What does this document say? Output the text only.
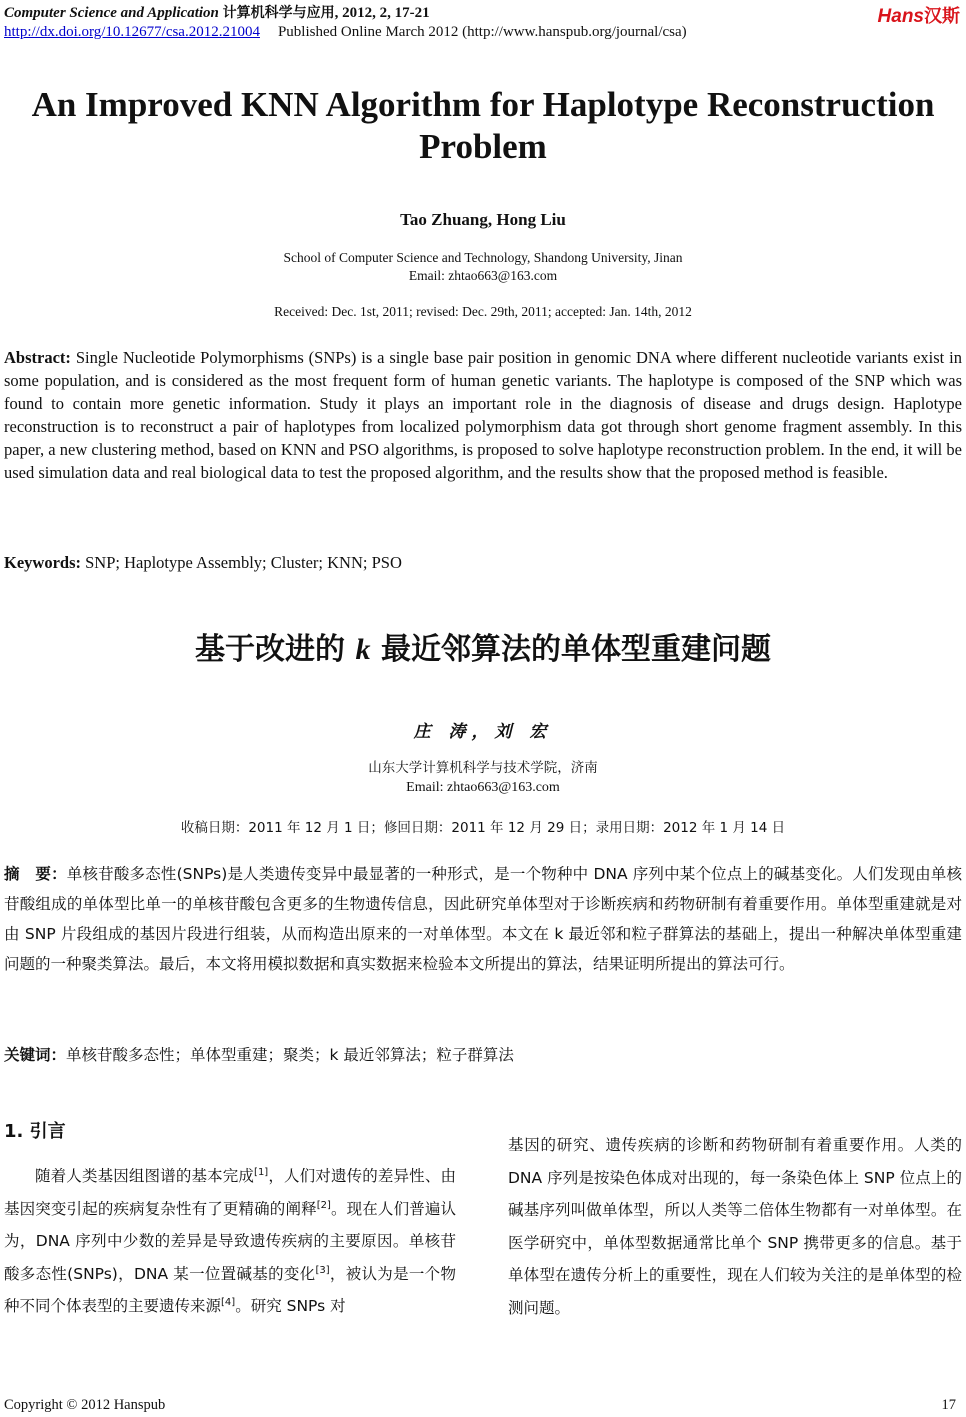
Computer Science and Application 计算机科学与应用, 2012, 2, 17-21
http://dx.doi.org/10.12677/csa.2012.21004 Published Online March 2012 (http://www.hanspub.org/journal/csa)
Hans汉斯
An Improved KNN Algorithm for Haplotype Reconstruction Problem
Tao Zhuang, Hong Liu
School of Computer Science and Technology, Shandong University, Jinan
Email: zhtao663@163.com
Received: Dec. 1st, 2011; revised: Dec. 29th, 2011; accepted: Jan. 14th, 2012
Abstract: Single Nucleotide Polymorphisms (SNPs) is a single base pair position in genomic DNA where different nucleotide variants exist in some population, and is considered as the most frequent form of human genetic variants. The haplotype is composed of the SNP which was found to contain more genetic information. Study it plays an important role in the diagnosis of disease and drugs design. Haplotype reconstruction is to reconstruct a pair of haplotypes from localized polymorphism data got through short genome fragment assembly. In this paper, a new clustering method, based on KNN and PSO algorithms, is proposed to solve haplotype reconstruction problem. In the end, it will be used simulation data and real biological data to test the proposed algorithm, and the results show that the proposed method is feasible.
Keywords: SNP; Haplotype Assembly; Cluster; KNN; PSO
基于改进的 k 最近邻算法的单体型重建问题
庄 涛，刘 宏
山东大学计算机科学与技术学院，济南
Email: zhtao663@163.com
收稿日期：2011 年 12 月 1 日；修回日期：2011 年 12 月 29 日；录用日期：2012 年 1 月 14 日
摘　要：单核苷酸多态性(SNPs)是人类遗传变异中最显著的一种形式，是一个物种中 DNA 序列中某个位点上的碱基变化。人们发现由单核苷酸组成的单体型比单一的单核苷酸包含更多的生物遗传信息，因此研究单体型对于诊断疾病和药物研制有着重要作用。单体型重建就是对由 SNP 片段组成的基因片段进行组装，从而构造出原来的一对单体型。本文在 k 最近邻和粒子群算法的基础上，提出一种解决单体型重建问题的一种聚类算法。最后，本文将用模拟数据和真实数据来检验本文所提出的算法，结果证明所提出的算法可行。
关键词：单核苷酸多态性；单体型重建；聚类；k 最近邻算法；粒子群算法
1. 引言

随着人类基因组图谱的基本完成[1]，人们对遗传的差异性、由基因突变引起的疾病复杂性有了更精确的阐释[2]。现在人们普遍认为，DNA 序列中少数的差异是导致遗传疾病的主要原因。单核苷酸多态性(SNPs)，DNA 某一位置碱基的变化[3]，被认为是一个物种不同个体表型的主要遗传来源[4]。研究 SNPs 对

基因的研究、遗传疾病的诊断和药物研制有着重要作用。人类的 DNA 序列是按染色体成对出现的，每一条染色体上 SNP 位点上的碱基序列叫做单体型，所以人类等二倍体生物都有一对单体型。在医学研究中，单体型数据通常比单个 SNP 携带更多的信息。基于单体型在遗传分析上的重要性，现在人们较为关注的是单体型的检测问题。

Copyright © 2012 Hanspub	17
